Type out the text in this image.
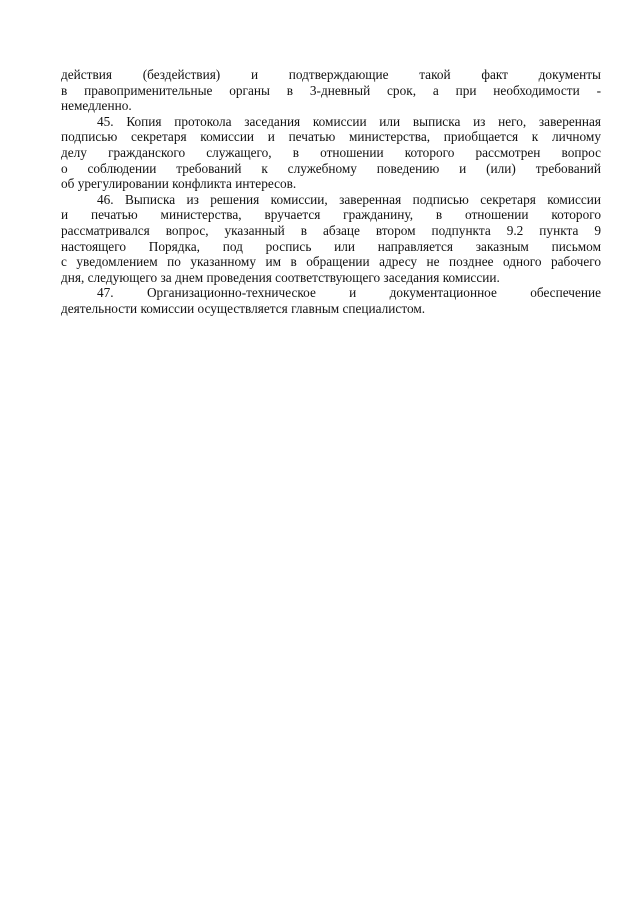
действия (бездействия) и подтверждающие такой факт документы
в правоприменительные органы в 3-дневный срок, а при необходимости -
немедленно.
45. Копия протокола заседания комиссии или выписка из него, заверенная
подписью секретаря комиссии и печатью министерства, приобщается к личному
делу гражданского служащего, в отношении которого рассмотрен вопрос
о соблюдении требований к служебному поведению и (или) требований
об урегулировании конфликта интересов.
46. Выписка из решения комиссии, заверенная подписью секретаря комиссии
и печатью министерства, вручается гражданину, в отношении которого
рассматривался вопрос, указанный в абзаце втором подпункта 9.2 пункта 9
настоящего Порядка, под роспись или направляется заказным письмом
с уведомлением по указанному им в обращении адресу не позднее одного рабочего
дня, следующего за днем проведения соответствующего заседания комиссии.
47. Организационно-техническое и документационное обеспечение
деятельности комиссии осуществляется главным специалистом.
